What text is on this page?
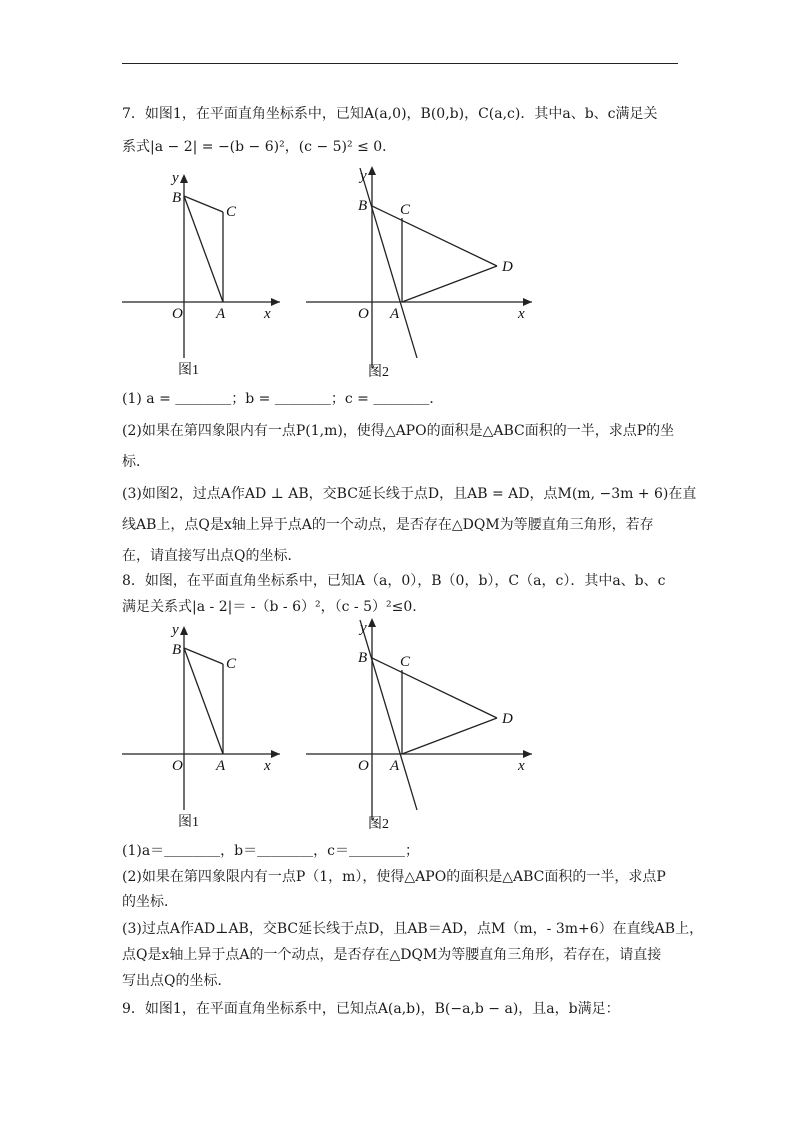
7．如图1，在平面直角坐标系中，已知A(a,0)，B(0,b)，C(a,c)．其中a、b、c满足关
系式|a − 2| = −(b − 6)²，(c − 5)² ≤ 0．
y
B
C
O A	x
图1
y
B C
D
O A	x
图2
(1) a = ＿＿＿＿；b = ＿＿＿＿；c = ＿＿＿＿．
(2)如果在第四象限内有一点P(1,m)，使得△APO的面积是△ABC面积的一半，求点P的坐
标．
(3)如图2，过点A作AD ⊥ AB，交BC延长线于点D，且AB = AD，点M(m, −3m + 6)在直
线AB上，点Q是x轴上异于点A的一个动点，是否存在△DQM为等腰直角三角形，若存
在，请直接写出点Q的坐标．
8．如图，在平面直角坐标系中，已知A（a，0），B（0，b），C（a，c）．其中a、b、c
满足关系式|a - 2|＝ -（b - 6）²，（c - 5）²≤0.
y
B
C
O A	x
图1
y
B C
D
O A	x
图2
(1)a＝＿＿＿＿，b＝＿＿＿＿，c＝＿＿＿＿；
(2)如果在第四象限内有一点P（1，m），使得△APO的面积是△ABC面积的一半，求点P
的坐标．
(3)过点A作AD⊥AB，交BC延长线于点D，且AB＝AD，点M（m，- 3m+6）在直线AB上，
点Q是x轴上异于点A的一个动点，是否存在△DQM为等腰直角三角形，若存在，请直接
写出点Q的坐标．
9．如图1，在平面直角坐标系中，已知点A(a,b)，B(−a,b − a)，且a，b满足：
